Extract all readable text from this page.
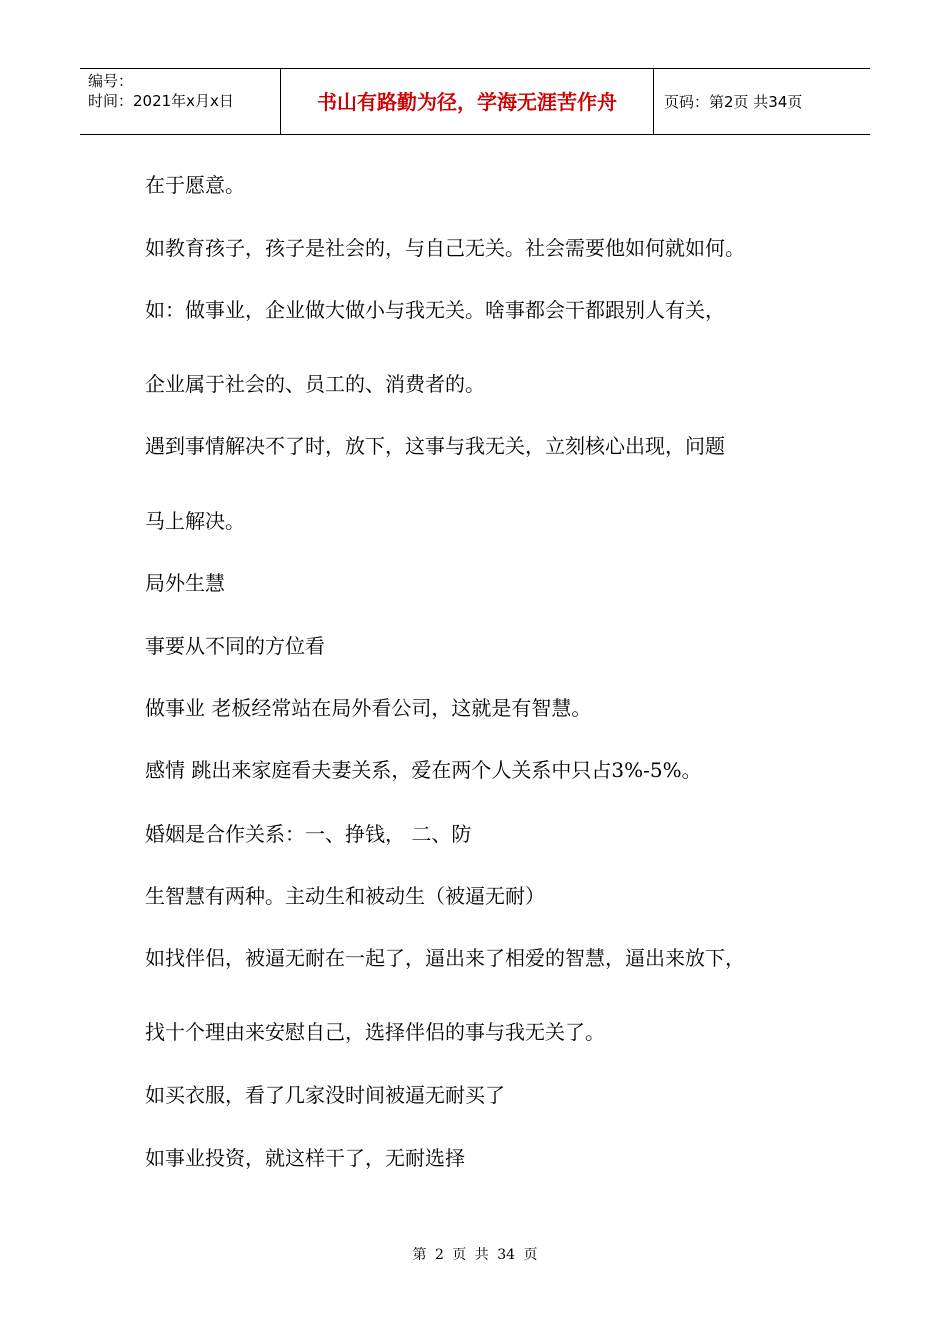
编号：
时间：2021年x月x日	书山有路勤为径，学海无涯苦作舟	页码：第2页 共34页
在于愿意。
如教育孩子，孩子是社会的，与自己无关。社会需要他如何就如何。
如：做事业，企业做大做小与我无关。啥事都会干都跟别人有关，
企业属于社会的、员工的、消费者的。
遇到事情解决不了时，放下，这事与我无关，立刻核心出现，问题
马上解决。
局外生慧
事要从不同的方位看
做事业 老板经常站在局外看公司，这就是有智慧。
感情 跳出来家庭看夫妻关系，爱在两个人关系中只占3%-5%。
婚姻是合作关系：一、挣钱， 二、防
生智慧有两种。主动生和被动生（被逼无耐）
如找伴侣，被逼无耐在一起了，逼出来了相爱的智慧，逼出来放下，
找十个理由来安慰自己，选择伴侣的事与我无关了。
如买衣服，看了几家没时间被逼无耐买了
如事业投资，就这样干了，无耐选择
第 2 页 共 34 页
